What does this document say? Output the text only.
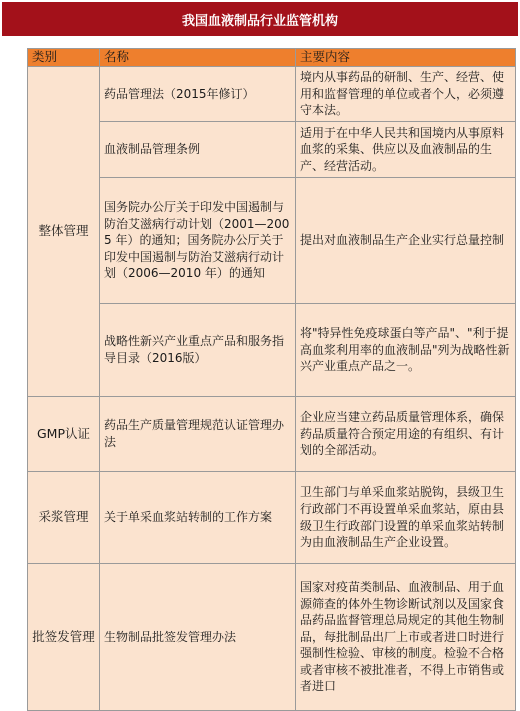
我国血液制品行业监管机构
类别	名称	主要内容
整体管理	药品管理法（2015年修订）	境内从事药品的研制、生产、经营、使用和监督管理的单位或者个人，必须遵守本法。
	血液制品管理条例	适用于在中华人民共和国境内从事原料血浆的采集、供应以及血液制品的生产、经营活动。
	国务院办公厅关于印发中国遏制与防治艾滋病行动计划（2001—2005 年）的通知；国务院办公厅关于印发中国遏制与防治艾滋病行动计划（2006—2010 年）的通知	提出对血液制品生产企业实行总量控制
	战略性新兴产业重点产品和服务指导目录（2016版）	将"特异性免疫球蛋白等产品"、"利于提高血浆利用率的血液制品"列为战略性新兴产业重点产品之一。
GMP认证	药品生产质量管理规范认证管理办法	企业应当建立药品质量管理体系，确保药品质量符合预定用途的有组织、有计划的全部活动。
采浆管理	关于单采血浆站转制的工作方案	卫生部门与单采血浆站脱钩，县级卫生行政部门不再设置单采血浆站，原由县级卫生行政部门设置的单采血浆站转制为由血液制品生产企业设置。
批签发管理	生物制品批签发管理办法	国家对疫苗类制品、血液制品、用于血源筛查的体外生物诊断试剂以及国家食品药品监督管理总局规定的其他生物制品，每批制品出厂上市或者进口时进行强制性检验、审核的制度。检验不合格或者审核不被批准者，不得上市销售或者进口
